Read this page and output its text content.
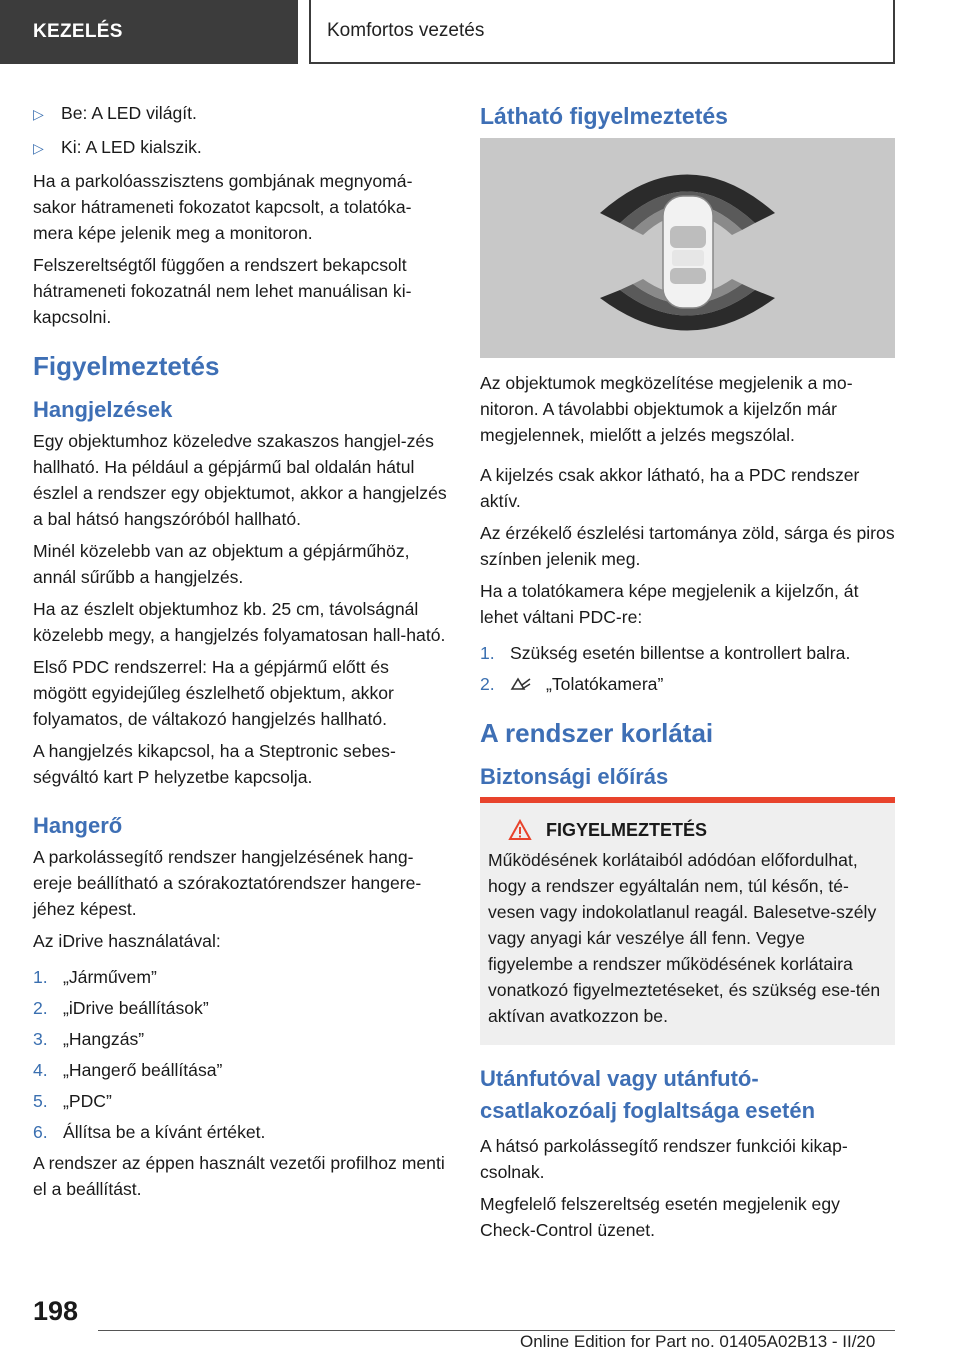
KEZELÉS	Komfortos vezetés
▷ Be: A LED világít.
▷ Ki: A LED kialszik.

Ha a parkolóasszisztens gombjának megnyomá-sakor hátrameneti fokozatot kapcsolt, a tolatóka-mera képe jelenik meg a monitoron.

Felszereltségtől függően a rendszert bekapcsolt hátrameneti fokozatnál nem lehet manuálisan ki-kapcsolni.

Figyelmeztetés
Hangjelzések

Egy objektumhoz közeledve szakaszos hangjel-zés hallható. Ha például a gépjármű bal oldalán hátul észlel a rendszer egy objektumot, akkor a hangjelzés a bal hátsó hangszóróból hallható.

Minél közelebb van az objektum a gépjárműhöz, annál sűrűbb a hangjelzés.

Ha az észlelt objektumhoz kb. 25 cm, távolságnál közelebb megy, a hangjelzés folyamatosan hall-ható.

Első PDC rendszerrel: Ha a gépjármű előtt és mögött egyidejűleg észlelhető objektum, akkor folyamatos, de váltakozó hangjelzés hallható.

A hangjelzés kikapcsol, ha a Steptronic sebes-ségváltó kart P helyzetbe kapcsolja.

Hangerő

A parkolássegítő rendszer hangjelzésének hang-ereje beállítható a szórakoztatórendszer hangere-jéhez képest.

Az iDrive használatával:

1. „Járművem”
2. „iDrive beállítások”
3. „Hangzás”
4. „Hangerő beállítása”
5. „PDC”
6. Állítsa be a kívánt értéket.

A rendszer az éppen használt vezetői profilhoz menti el a beállítást.

Látható figyelmeztetés

Az objektumok megközelítése megjelenik a mo-nitoron. A távolabbi objektumok a kijelzőn már megjelennek, mielőtt a jelzés megszólal.

A kijelzés csak akkor látható, ha a PDC rendszer aktív.

Az érzékelő észlelési tartománya zöld, sárga és piros színben jelenik meg.

Ha a tolatókamera képe megjelenik a kijelzőn, át lehet váltani PDC-re:

1. Szükség esetén billentse a kontrollert balra.
2.	„Tolatókamera”
A rendszer korlátai
Biztonsági előírás
FIGYELMEZTETÉS
Működésének korlátaiból adódóan előfordulhat, hogy a rendszer egyáltalán nem, túl későn, té-vesen vagy indokolatlanul reagál. Balesetve-szély vagy anyagi kár veszélye áll fenn. Vegye figyelembe a rendszer működésének korlátaira vonatkozó figyelmeztetéseket, és szükség ese-tén aktívan avatkozzon be.
Utánfutóval vagy utánfutó-csatlakozóalj foglaltsága esetén

A hátsó parkolássegítő rendszer funkciói kikap-csolnak.

Megfelelő felszereltség esetén megjelenik egy Check-Control üzenet.

198
Online Edition for Part no. 01405A02B13 - II/20
